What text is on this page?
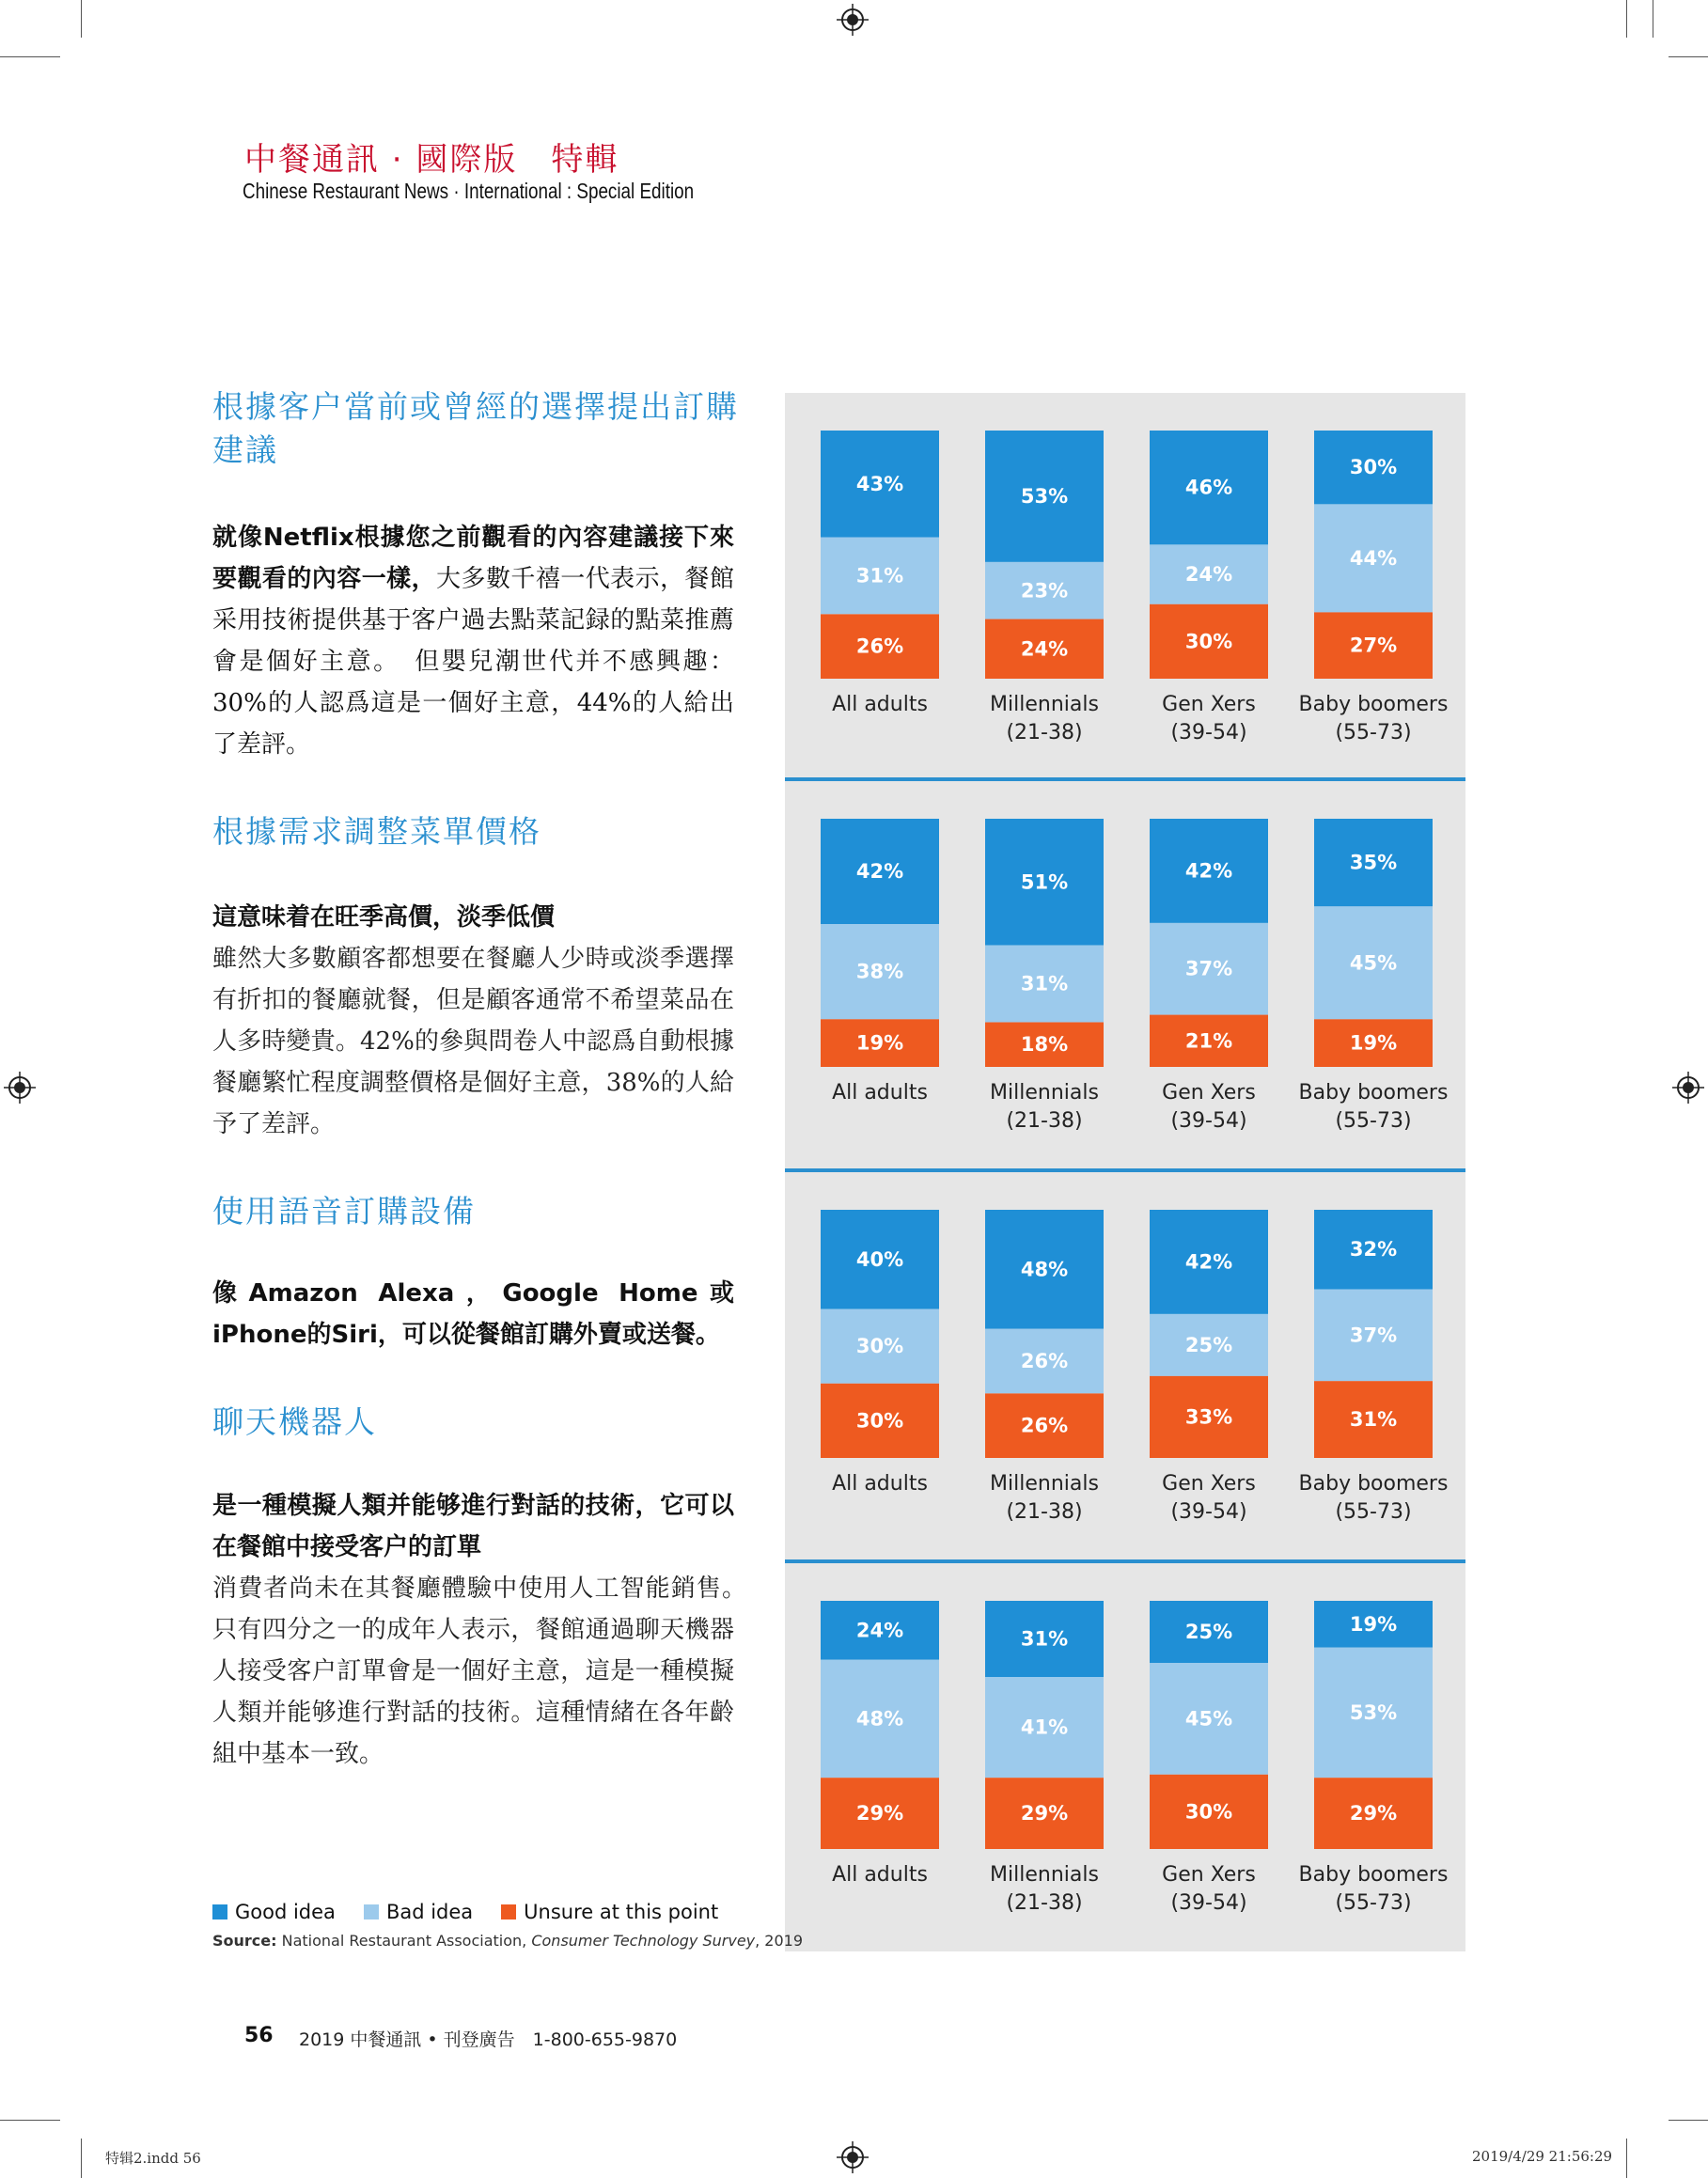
中餐通訊 · 國際版　特輯
Chinese Restaurant News · International : Special Edition
根據客户當前或曾經的選擇提出訂購建議
就像Netflix根據您之前觀看的內容建議接下來要觀看的內容一樣，大多數千禧一代表示，餐館采用技術提供基于客户過去點菜記録的點菜推薦會是個好主意。　但嬰兒潮世代并不感興趣：30%的人認爲這是一個好主意，44%的人給出了差評。
根據需求調整菜單價格
這意味着在旺季高價，淡季低價
雖然大多數顧客都想要在餐廳人少時或淡季選擇有折扣的餐廳就餐，但是顧客通常不希望菜品在人多時變貴。42%的參與問卷人中認爲自動根據餐廳繁忙程度調整價格是個好主意，38%的人給予了差評。
使用語音訂購設備
像Amazon Alexa，Google Home或iPhone的Siri，可以從餐館訂購外賣或送餐。
聊天機器人
是一種模擬人類并能够進行對話的技術，它可以在餐館中接受客户的訂單
消費者尚未在其餐廳體驗中使用人工智能銷售。　只有四分之一的成年人表示，餐館通過聊天機器人接受客户訂單會是一個好主意，這是一種模擬人類并能够進行對話的技術。這種情緒在各年齡組中基本一致。
43%
31%
26%
All adults
53%
23%
24%
Millennials
(21-38)
46%
24%
30%
Gen Xers
(39-54)
30%
44%
27%
Baby boomers
(55-73)
42%
38%
19%
All adults
51%
31%
18%
Millennials
(21-38)
42%
37%
21%
Gen Xers
(39-54)
35%
45%
19%
Baby boomers
(55-73)
40%
30%
30%
All adults
48%
26%
26%
Millennials
(21-38)
42%
25%
33%
Gen Xers
(39-54)
32%
37%
31%
Baby boomers
(55-73)
24%
48%
29%
All adults
31%
41%
29%
Millennials
(21-38)
25%
45%
30%
Gen Xers
(39-54)
19%
53%
29%
Baby boomers
(55-73)
Good idea	Bad idea	Unsure at this point
Source: National Restaurant Association, Consumer Technology Survey, 2019
56 2019 中餐通訊 • 刊登廣告　1-800-655-9870
特辑2.indd 56	2019/4/29 21:56:29
